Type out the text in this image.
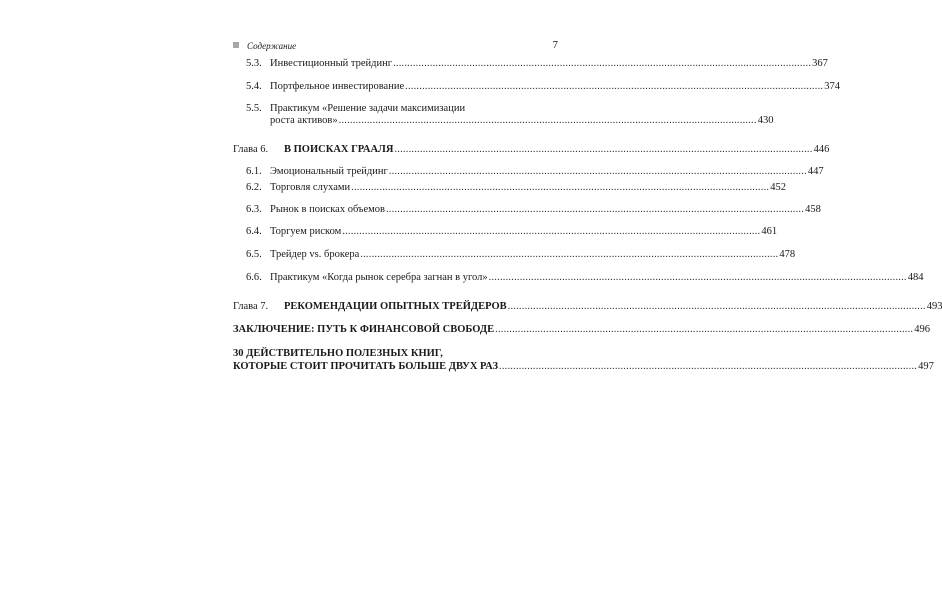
Содержание	7
5.3. Инвестиционный трейдинг .................................................................................................................................................... 367
5.4. Портфельное инвестирование .................................................................................................................................................... 374
5.5. Практикум «Решение задачи максимизации
роста активов» .................................................................................................................................................... 430
Глава 6. В ПОИСКАХ ГРААЛЯ .................................................................................................................................................... 446
6.1. Эмоциональный трейдинг .................................................................................................................................................... 447
6.2. Торговля слухами .................................................................................................................................................... 452
6.3. Рынок в поисках объемов .................................................................................................................................................... 458
6.4. Торгуем риском .................................................................................................................................................... 461
6.5. Трейдер vs. брокера .................................................................................................................................................... 478
6.6. Практикум «Когда рынок серебра загнан в угол» .................................................................................................................................................... 484
Глава 7. РЕКОМЕНДАЦИИ ОПЫТНЫХ ТРЕЙДЕРОВ .................................................................................................................................................... 493
ЗАКЛЮЧЕНИЕ: ПУТЬ К ФИНАНСОВОЙ СВОБОДЕ .................................................................................................................................................... 496
30 ДЕЙСТВИТЕЛЬНО ПОЛЕЗНЫХ КНИГ,
КОТОРЫЕ СТОИТ ПРОЧИТАТЬ БОЛЬШЕ ДВУХ РАЗ .................................................................................................................................................... 497
